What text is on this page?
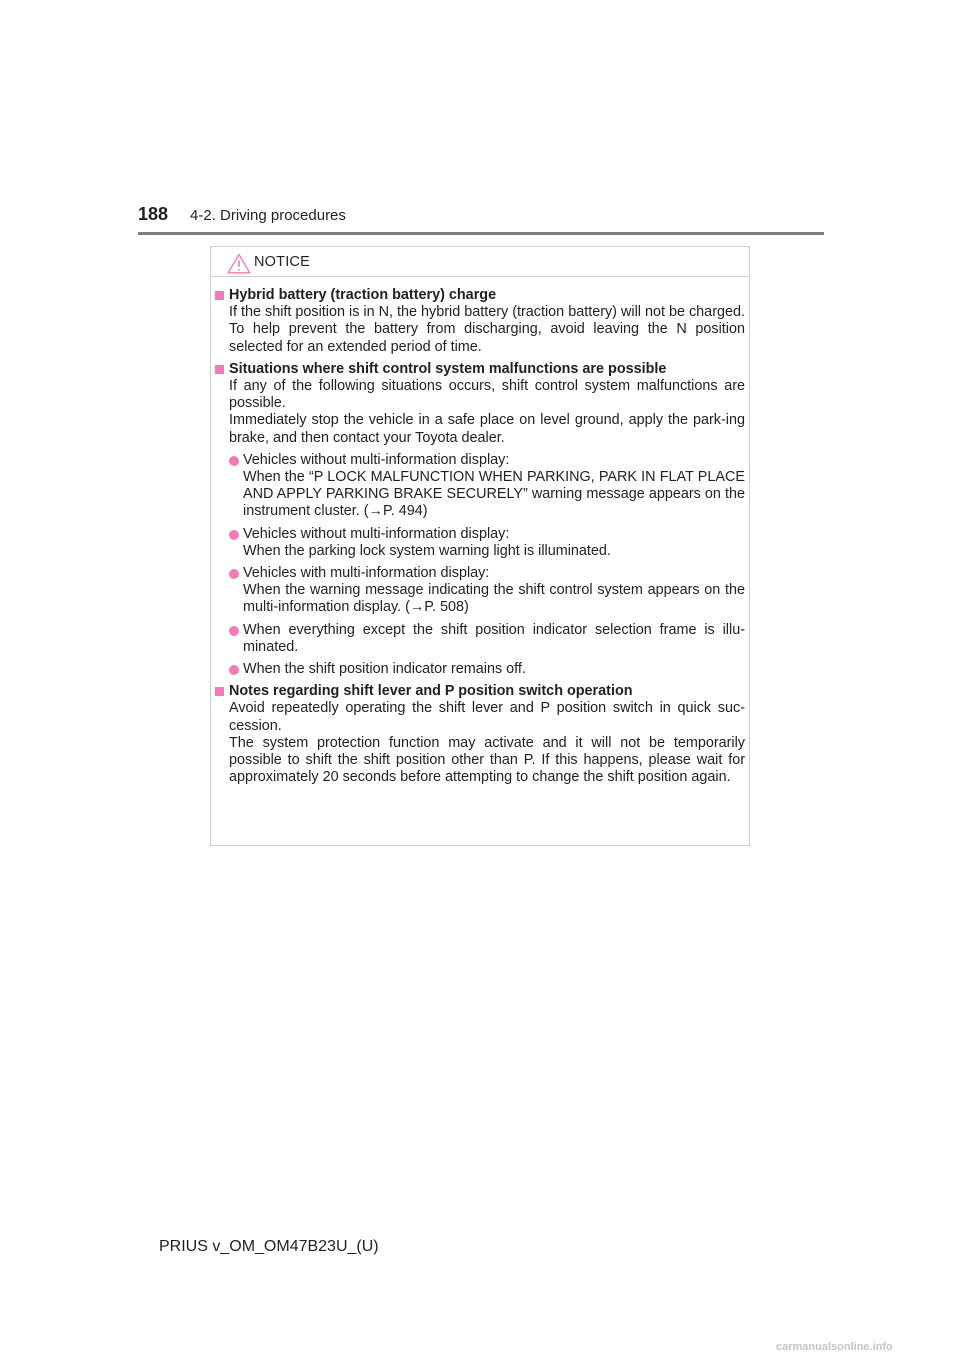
188 4-2. Driving procedures
NOTICE
Hybrid battery (traction battery) charge
If the shift position is in N, the hybrid battery (traction battery) will not be charged. To help prevent the battery from discharging, avoid leaving the N position selected for an extended period of time.
Situations where shift control system malfunctions are possible
If any of the following situations occurs, shift control system malfunctions are possible.
Immediately stop the vehicle in a safe place on level ground, apply the park-ing brake, and then contact your Toyota dealer.
Vehicles without multi-information display:
When the “P LOCK MALFUNCTION WHEN PARKING, PARK IN FLAT PLACE AND APPLY PARKING BRAKE SECURELY” warning message appears on the instrument cluster. (→P. 494)
Vehicles without multi-information display:
When the parking lock system warning light is illuminated.
Vehicles with multi-information display:
When the warning message indicating the shift control system appears on the multi-information display. (→P. 508)
When everything except the shift position indicator selection frame is illu-minated.
When the shift position indicator remains off.
Notes regarding shift lever and P position switch operation
Avoid repeatedly operating the shift lever and P position switch in quick suc-cession.
The system protection function may activate and it will not be temporarily possible to shift the shift position other than P. If this happens, please wait for approximately 20 seconds before attempting to change the shift position again.
PRIUS v_OM_OM47B23U_(U)
carmanualsonline.info
